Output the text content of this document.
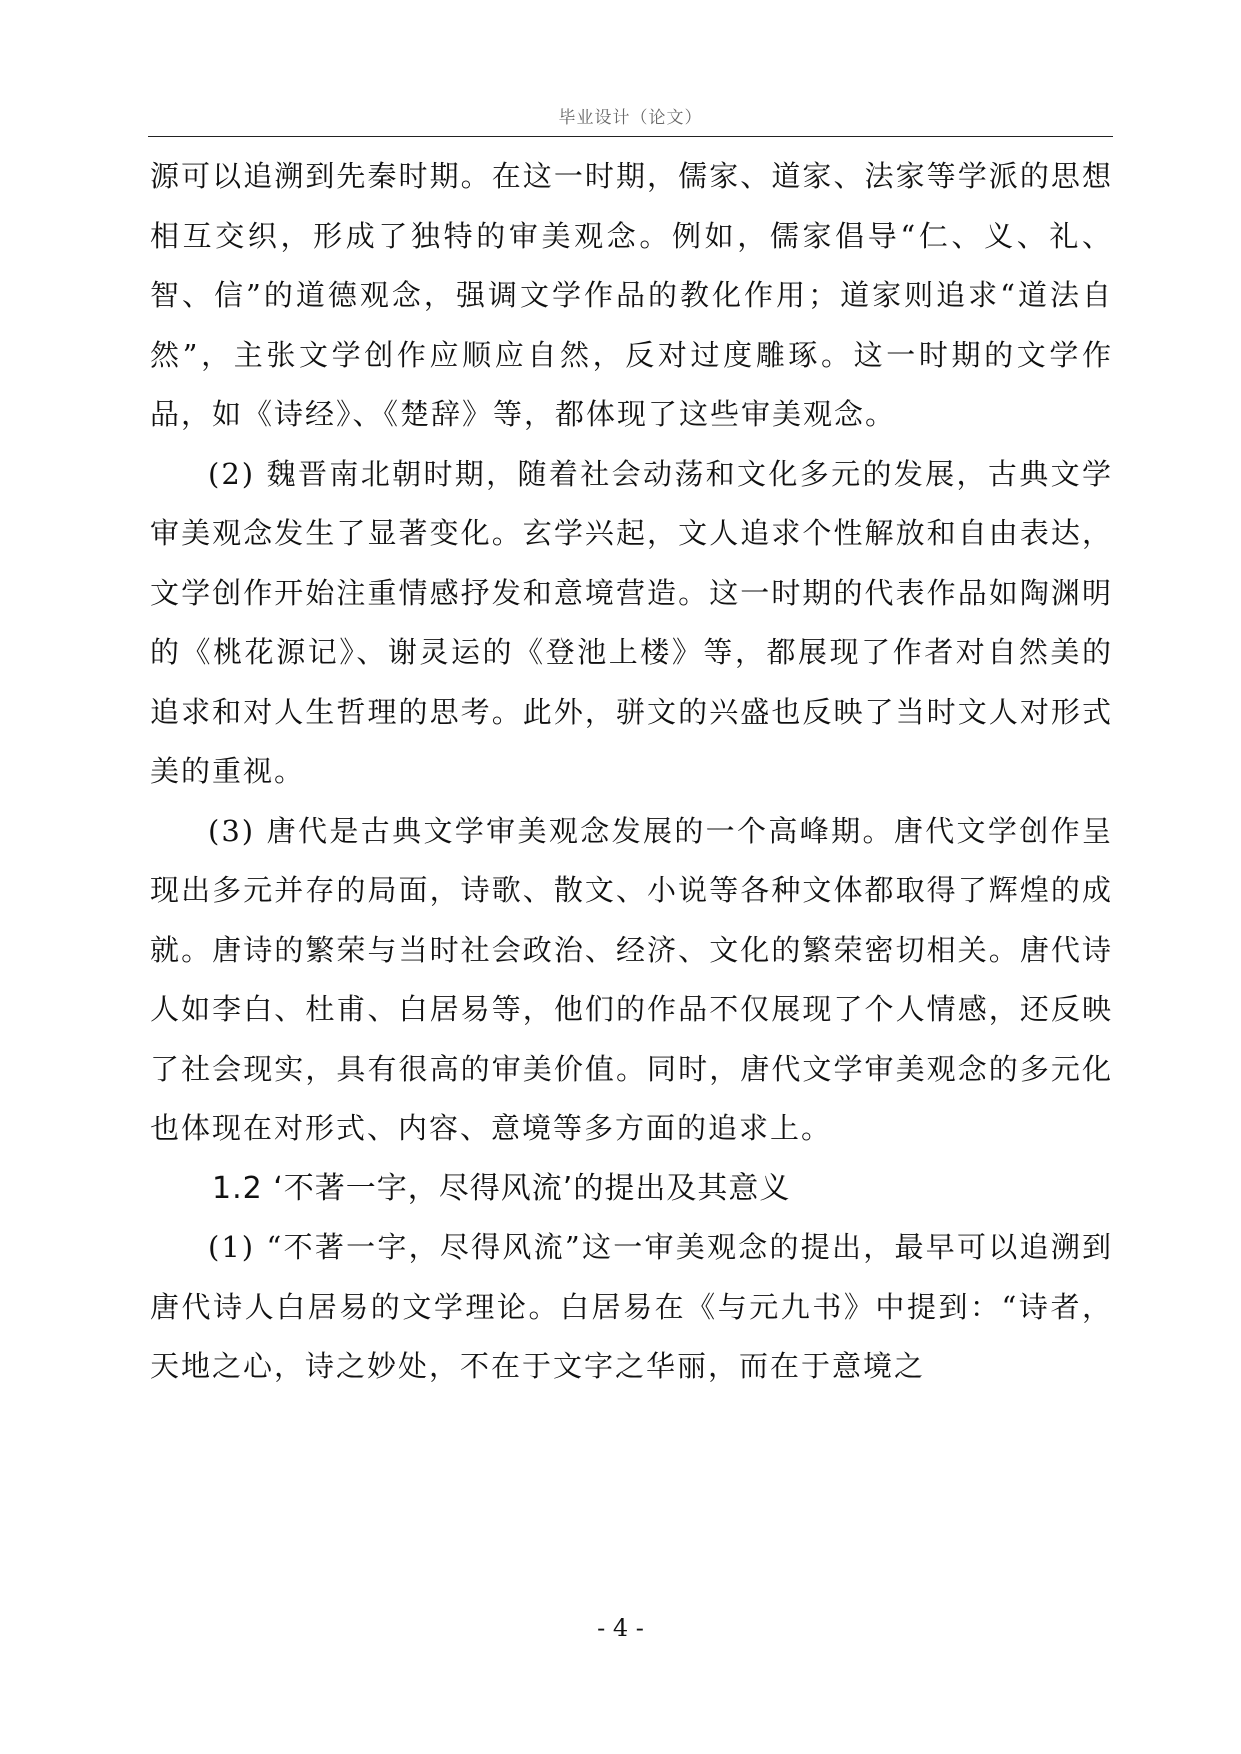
毕业设计（论文）

源可以追溯到先秦时期。在这一时期，儒家、道家、法家等学派的思想相互交织，形成了独特的审美观念。例如，儒家倡导“仁、义、礼、智、信”的道德观念，强调文学作品的教化作用；道家则追求“道法自然”，主张文学创作应顺应自然，反对过度雕琢。这一时期的文学作品，如《诗经》、《楚辞》等，都体现了这些审美观念。

(2) 魏晋南北朝时期，随着社会动荡和文化多元的发展，古典文学审美观念发生了显著变化。玄学兴起，文人追求个性解放和自由表达，文学创作开始注重情感抒发和意境营造。这一时期的代表作品如陶渊明的《桃花源记》、谢灵运的《登池上楼》等，都展现了作者对自然美的追求和对人生哲理的思考。此外，骈文的兴盛也反映了当时文人对形式美的重视。

(3) 唐代是古典文学审美观念发展的一个高峰期。唐代文学创作呈现出多元并存的局面，诗歌、散文、小说等各种文体都取得了辉煌的成就。唐诗的繁荣与当时社会政治、经济、文化的繁荣密切相关。唐代诗人如李白、杜甫、白居易等，他们的作品不仅展现了个人情感，还反映了社会现实，具有很高的审美价值。同时，唐代文学审美观念的多元化也体现在对形式、内容、意境等多方面的追求上。

1.2 ‘不著一字，尽得风流’的提出及其意义

(1) “不著一字，尽得风流”这一审美观念的提出，最早可以追溯到唐代诗人白居易的文学理论。白居易在《与元九书》中提到：“诗者，天地之心，诗之妙处，不在于文字之华丽，而在于意境之

- 4 -
